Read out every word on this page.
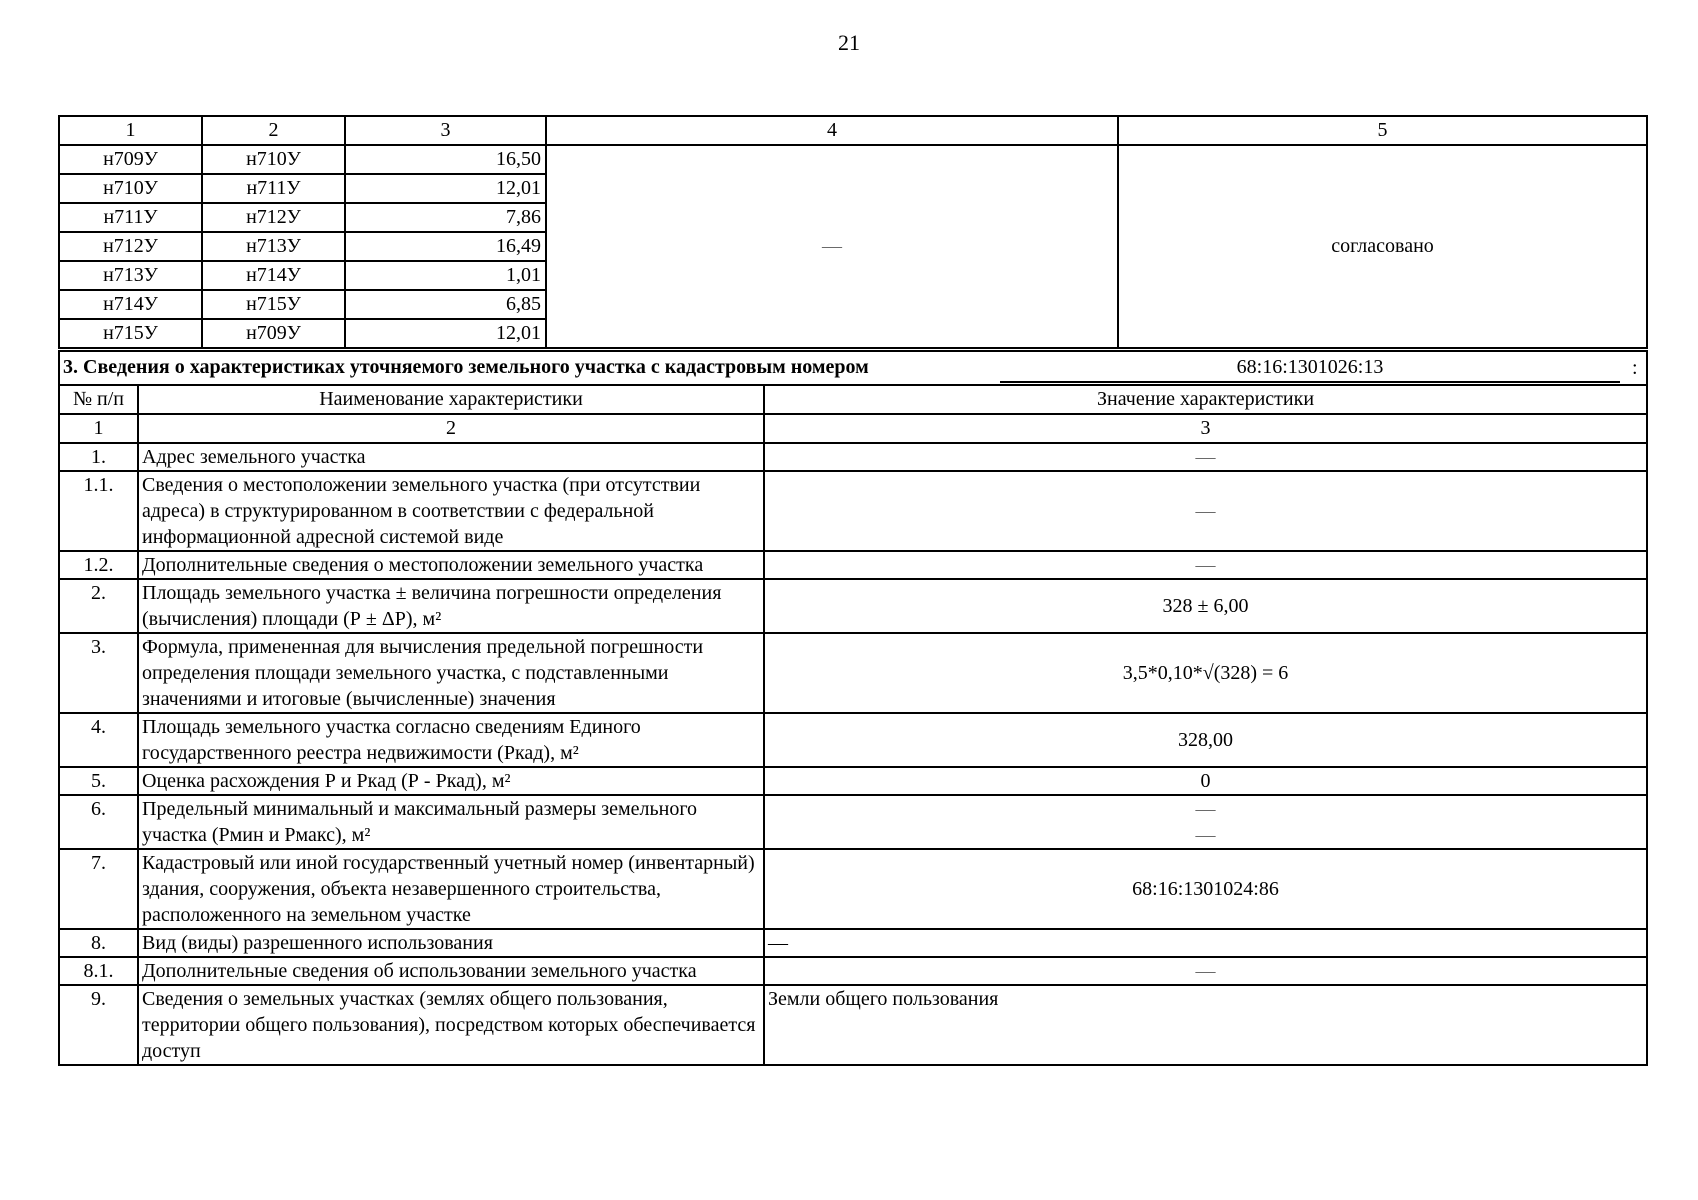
21
1	2	3	4	5
н709У	н710У	16,50	—	согласовано
н710У	н711У	12,01		
н711У	н712У	7,86		
н712У	н713У	16,49		
н713У	н714У	1,01		
н714У	н715У	6,85		
н715У	н709У	12,01		
3. Сведения о характеристиках уточняемого земельного участка с кадастровым номером 68:16:1301026:13 :		

№ п/п	Наименование характеристики	Значение характеристики
1	2	3
1.	Адрес земельного участка	—
1.1.	Сведения о местоположении земельного участка (при отсутствии адреса) в структурированном в соответствии с федеральной информационной адресной системой виде	—
1.2.	Дополнительные сведения о местоположении земельного участка	—
2.	Площадь земельного участка ± величина погрешности определения (вычисления) площади (Р ± ΔР), м²	328 ± 6,00
3.	Формула, примененная для вычисления предельной погрешности определения площади земельного участка, с подставленными значениями и итоговые (вычисленные) значения	3,5*0,10*√(328) = 6
4.	Площадь земельного участка согласно сведениям Единого государственного реестра недвижимости (Ркад), м²	328,00
5.	Оценка расхождения Р и Ркад (Р - Ркад), м²	0
6.	Предельный минимальный и максимальный размеры земельного участка (Рмин и Рмакс), м²	—
—

7.	Кадастровый или иной государственный учетный номер (инвентарный) здания, сооружения, объекта незавершенного строительства, расположенного на земельном участке	68:16:1301024:86
8.	Вид (виды) разрешенного использования	—
8.1.	Дополнительные сведения об использовании земельного участка	—
9.	Сведения о земельных участках (землях общего пользования, территории общего пользования), посредством которых обеспечивается доступ	Земли общего пользования
